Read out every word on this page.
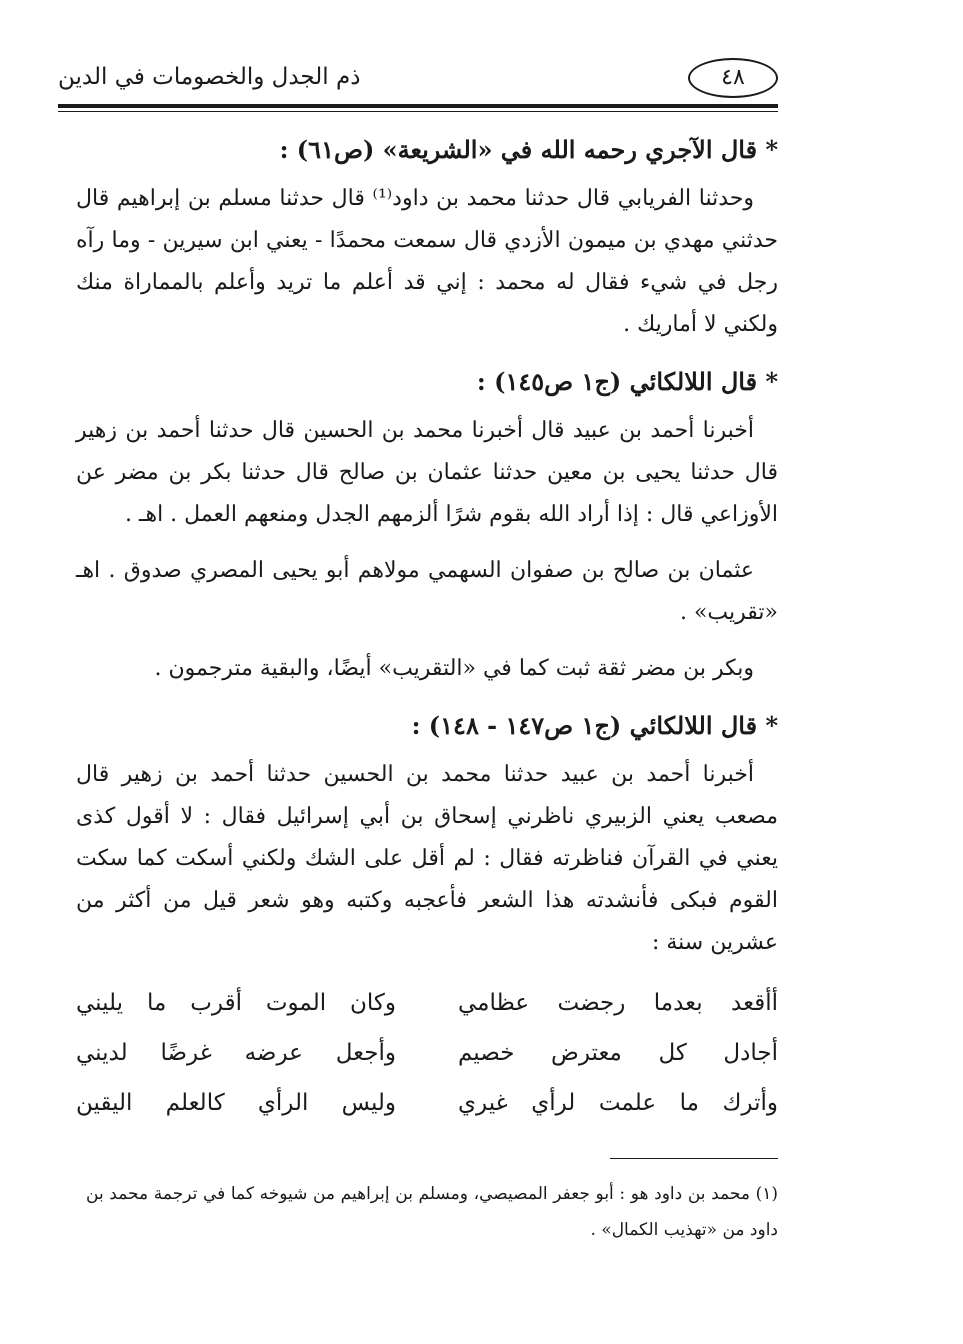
ذم الجدل والخصومات في الدين	٤٨
* قال الآجري رحمه الله في «الشريعة» (ص٦١) :

وحدثنا الفريابي قال حدثنا محمد بن داود⁽¹⁾ قال حدثنا مسلم بن إبراهيم قال حدثني مهدي بن ميمون الأزدي قال سمعت محمدًا - يعني ابن سيرين - وما رآه رجل في شيء فقال له محمد : إني قد أعلم ما تريد وأعلم بالمماراة منك ولكني لا أماريك .

* قال اللالكائي (ج١ ص١٤٥) :

أخبرنا أحمد بن عبيد قال أخبرنا محمد بن الحسين قال حدثنا أحمد بن زهير قال حدثنا يحيى بن معين حدثنا عثمان بن صالح قال حدثنا بكر بن مضر عن الأوزاعي قال : إذا أراد الله بقوم شرًا ألزمهم الجدل ومنعهم العمل . اهـ .

عثمان بن صالح بن صفوان السهمي مولاهم أبو يحيى المصري صدوق . اهـ «تقريب» .

وبكر بن مضر ثقة ثبت كما في «التقريب» أيضًا، والبقية مترجمون .

* قال اللالكائي (ج١ ص١٤٧ - ١٤٨) :

أخبرنا أحمد بن عبيد حدثنا محمد بن الحسين حدثنا أحمد بن زهير قال مصعب يعني الزبيري ناظرني إسحاق بن أبي إسرائيل فقال : لا أقول كذى يعني في القرآن فناظرته فقال : لم أقل على الشك ولكني أسكت كما سكت القوم فبكى فأنشدته هذا الشعر فأعجبه وكتبه وهو شعر قيل من أكثر من عشرين سنة :

أأقعد بعدما رجضت عظامي
وكان الموت أقرب ما يليني
أجادل كل معترض خصيم
وأجعل عرضه غرضًا لديني
وأترك ما علمت لرأي غيري
وليس الرأي كالعلم اليقين
(١) محمد بن داود هو : أبو جعفر المصيصي، ومسلم بن إبراهيم من شيوخه كما في ترجمة محمد بن داود من «تهذيب الكمال» .
